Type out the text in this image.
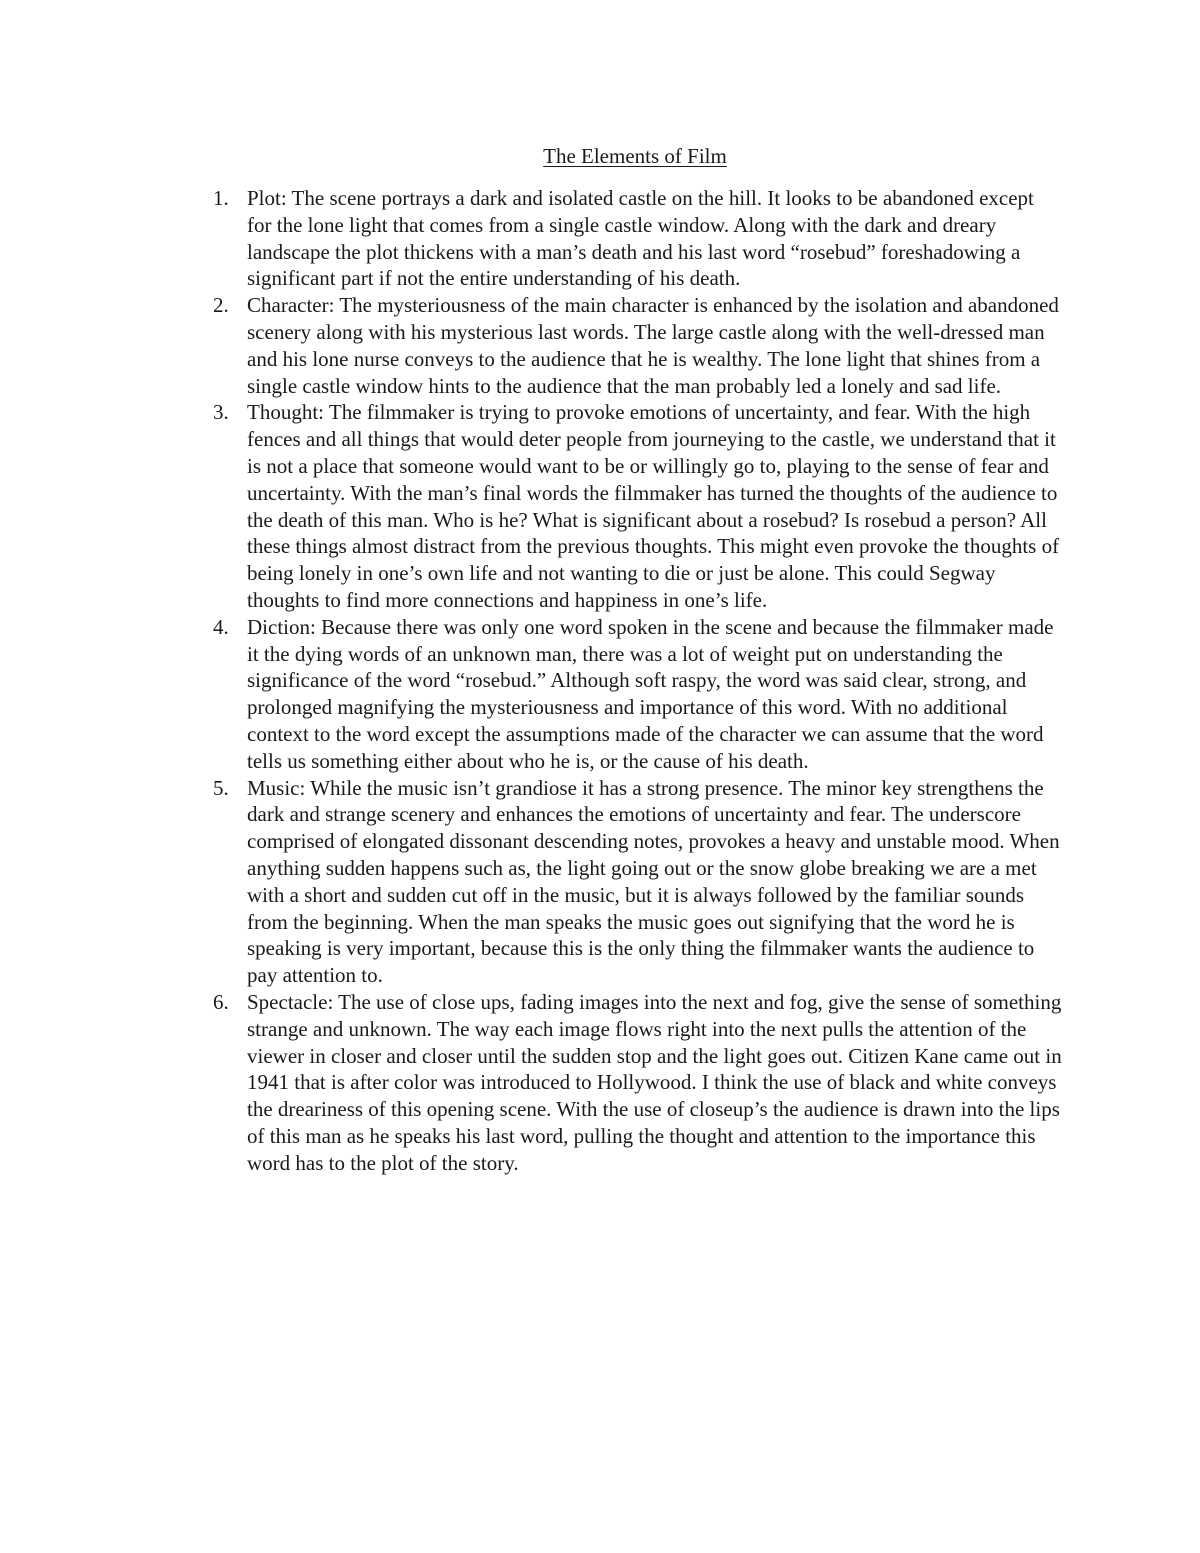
The Elements of Film
1. Plot: The scene portrays a dark and isolated castle on the hill. It looks to be abandoned except for the lone light that comes from a single castle window. Along with the dark and dreary landscape the plot thickens with a man’s death and his last word “rosebud” foreshadowing a significant part if not the entire understanding of his death.
2. Character: The mysteriousness of the main character is enhanced by the isolation and abandoned scenery along with his mysterious last words. The large castle along with the well-dressed man and his lone nurse conveys to the audience that he is wealthy. The lone light that shines from a single castle window hints to the audience that the man probably led a lonely and sad life.
3. Thought: The filmmaker is trying to provoke emotions of uncertainty, and fear. With the high fences and all things that would deter people from journeying to the castle, we understand that it is not a place that someone would want to be or willingly go to, playing to the sense of fear and uncertainty. With the man’s final words the filmmaker has turned the thoughts of the audience to the death of this man. Who is he? What is significant about a rosebud? Is rosebud a person? All these things almost distract from the previous thoughts. This might even provoke the thoughts of being lonely in one’s own life and not wanting to die or just be alone. This could Segway thoughts to find more connections and happiness in one’s life.
4. Diction: Because there was only one word spoken in the scene and because the filmmaker made it the dying words of an unknown man, there was a lot of weight put on understanding the significance of the word “rosebud.” Although soft raspy, the word was said clear, strong, and prolonged magnifying the mysteriousness and importance of this word. With no additional context to the word except the assumptions made of the character we can assume that the word tells us something either about who he is, or the cause of his death.
5. Music: While the music isn’t grandiose it has a strong presence. The minor key strengthens the dark and strange scenery and enhances the emotions of uncertainty and fear. The underscore comprised of elongated dissonant descending notes, provokes a heavy and unstable mood. When anything sudden happens such as, the light going out or the snow globe breaking we are a met with a short and sudden cut off in the music, but it is always followed by the familiar sounds from the beginning. When the man speaks the music goes out signifying that the word he is speaking is very important, because this is the only thing the filmmaker wants the audience to pay attention to.
6. Spectacle: The use of close ups, fading images into the next and fog, give the sense of something strange and unknown. The way each image flows right into the next pulls the attention of the viewer in closer and closer until the sudden stop and the light goes out. Citizen Kane came out in 1941 that is after color was introduced to Hollywood. I think the use of black and white conveys the dreariness of this opening scene. With the use of closeup’s the audience is drawn into the lips of this man as he speaks his last word, pulling the thought and attention to the importance this word has to the plot of the story.
